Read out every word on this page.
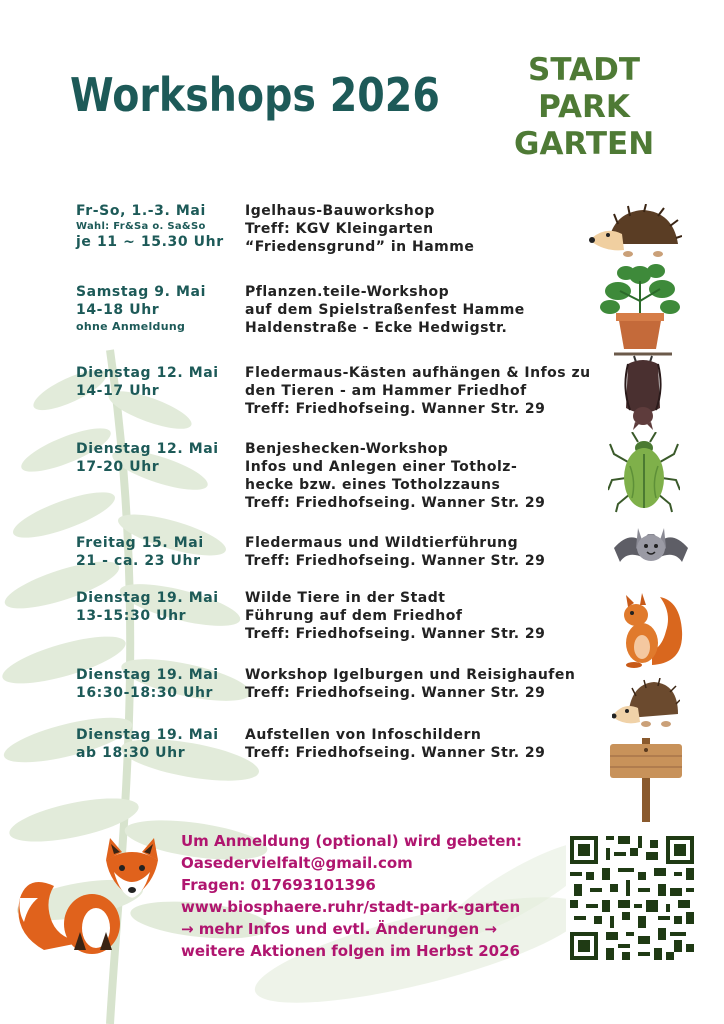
Workshops 2026	STADT
PARK
GARTEN
Fr-So, 1.-3. Mai
Wahl: Fr&Sa o. Sa&So
je 11 ~ 15.30 Uhr
Igelhaus-Bauworkshop
Treff: KGV Kleingarten
“Friedensgrund” in Hamme
Samstag 9. Mai
14-18 Uhr
ohne Anmeldung
Pflanzen.teile-Workshop
auf dem Spielstraßenfest Hamme
Haldenstraße - Ecke Hedwigstr.
Dienstag 12. Mai
14-17 Uhr
Fledermaus-Kästen aufhängen & Infos zu
den Tieren - am Hammer Friedhof
Treff: Friedhofseing. Wanner Str. 29
Dienstag 12. Mai
17-20 Uhr
Benjeshecken-Workshop
Infos und Anlegen einer Totholz-
hecke bzw. eines Totholzzauns
Treff: Friedhofseing. Wanner Str. 29
Freitag 15. Mai
21 - ca. 23 Uhr
Fledermaus und Wildtierführung
Treff: Friedhofseing. Wanner Str. 29
Dienstag 19. Mai
13-15:30 Uhr
Wilde Tiere in der Stadt
Führung auf dem Friedhof
Treff: Friedhofseing. Wanner Str. 29
Dienstag 19. Mai
16:30-18:30 Uhr
Workshop Igelburgen und Reisighaufen
Treff: Friedhofseing. Wanner Str. 29
Dienstag 19. Mai
ab 18:30 Uhr
Aufstellen von Infoschildern
Treff: Friedhofseing. Wanner Str. 29
Um Anmeldung (optional) wird gebeten:
Oasedervielfalt@gmail.com
Fragen: 017693101396
www.biosphaere.ruhr/stadt-park-garten
→ mehr Infos und evtl. Änderungen →
weitere Aktionen folgen im Herbst 2026
